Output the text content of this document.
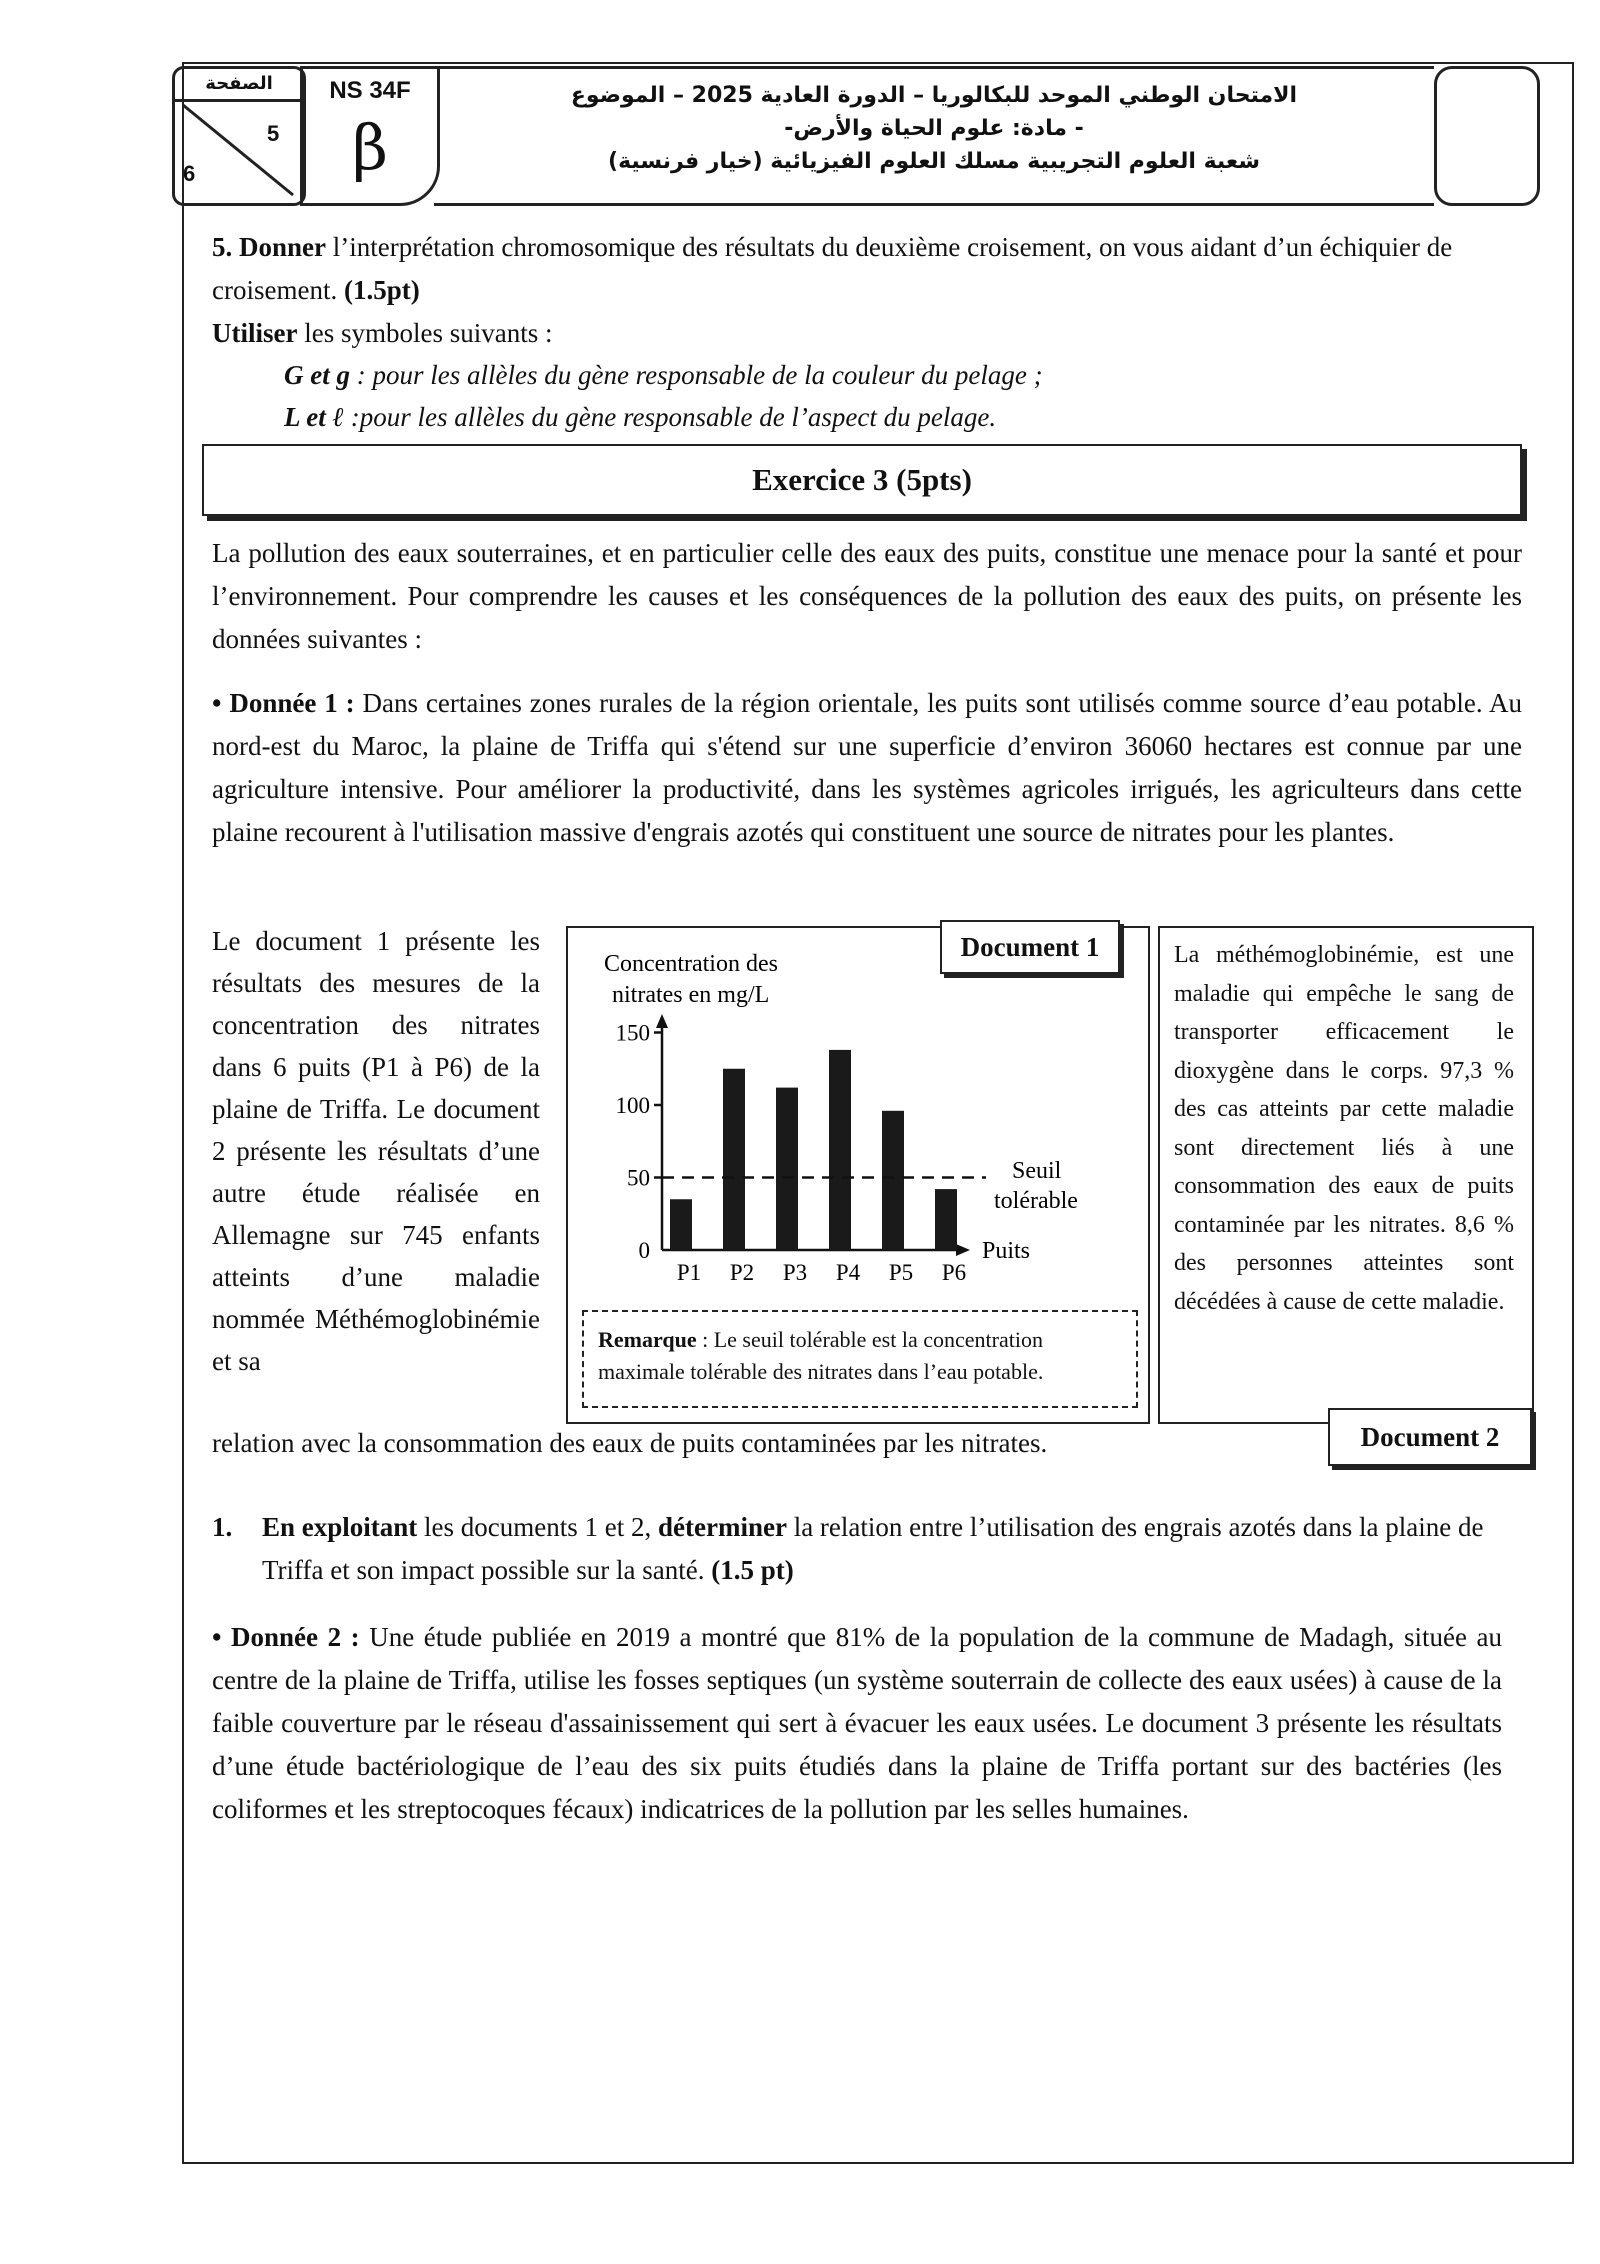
الصفحة
5
6
NS 34F
β
الامتحان الوطني الموحد للبكالوريا – الدورة العادية 2025 – الموضوع
- مادة: علوم الحياة والأرض-
شعبة العلوم التجريبية مسلك العلوم الفيزيائية (خيار فرنسية)
5. Donner l’interprétation chromosomique des résultats du deuxième croisement, on vous aidant d’un échiquier de croisement. (1.5pt)
Utiliser les symboles suivants :
G et g : pour les allèles du gène responsable de la couleur du pelage ;
L et ℓ :pour les allèles du gène responsable de l’aspect du pelage.
Exercice 3 (5pts)
La pollution des eaux souterraines, et en particulier celle des eaux des puits, constitue une menace pour la santé et pour l’environnement. Pour comprendre les causes et les conséquences de la pollution des eaux des puits, on présente les données suivantes :
• Donnée 1 : Dans certaines zones rurales de la région orientale, les puits sont utilisés comme source d’eau potable. Au nord-est du Maroc, la plaine de Triffa qui s'étend sur une superficie d’environ 36060 hectares est connue par une agriculture intensive. Pour améliorer la productivité, dans les systèmes agricoles irrigués, les agriculteurs dans cette plaine recourent à l'utilisation massive d'engrais azotés qui constituent une source de nitrates pour les plantes.
Le document 1 présente les résultats des mesures de la concentration des nitrates dans 6 puits (P1 à P6) de la plaine de Triffa. Le document 2 présente les résultats d’une autre étude réalisée en Allemagne sur 745 enfants atteints d’une maladie nommée Méthémoglobinémie et sa
relation avec la consommation des eaux de puits contaminées par les nitrates.
Document 1
Concentration des
nitrates en mg/L
Puits
0
50
100
150
P1 P2 P3 P4 P5 P6
Seuil
tolérable
Remarque : Le seuil tolérable est la concentration maximale tolérable des nitrates dans l’eau potable.
La méthémoglobinémie, est une maladie qui empêche le sang de transporter efficacement le dioxygène dans le corps. 97,3 % des cas atteints par cette maladie sont directement liés à une consommation des eaux de puits contaminée par les nitrates. 8,6 % des personnes atteintes sont décédées à cause de cette maladie.
Document 2
1.	En exploitant les documents 1 et 2, déterminer la relation entre l’utilisation des engrais azotés dans la plaine de Triffa et son impact possible sur la santé. (1.5 pt)
• Donnée 2 : Une étude publiée en 2019 a montré que 81% de la population de la commune de Madagh, située au centre de la plaine de Triffa, utilise les fosses septiques (un système souterrain de collecte des eaux usées) à cause de la faible couverture par le réseau d'assainissement qui sert à évacuer les eaux usées. Le document 3 présente les résultats d’une étude bactériologique de l’eau des six puits étudiés dans la plaine de Triffa portant sur des bactéries (les coliformes et les streptocoques fécaux) indicatrices de la pollution par les selles humaines.
